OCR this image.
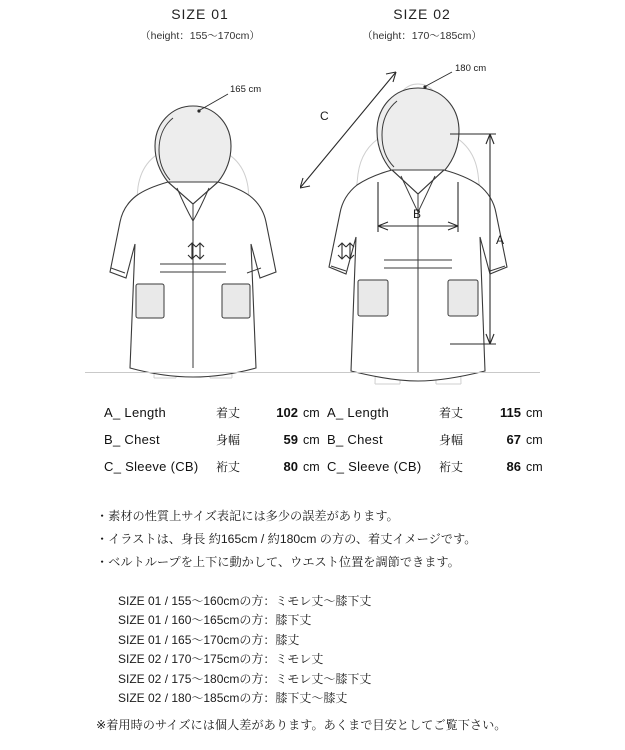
SIZE 01
（height：155〜170cm）
SIZE 02
（height：170〜185cm）
165 cm
180 cm
C
B
A
A_ Length	着丈	102 cm
B_ Chest	身幅	59 cm
C_ Sleeve (CB)	裄丈	80 cm
A_ Length	着丈	115 cm
B_ Chest	身幅	67 cm
C_ Sleeve (CB)	裄丈	86 cm
・素材の性質上サイズ表記には多少の誤差があります。
・イラストは、身長 約165cm / 約180cm の方の、着丈イメージです。
・ベルトループを上下に動かして、ウエスト位置を調節できます。
SIZE 01 / 155〜160cmの方：ミモレ丈〜膝下丈
SIZE 01 / 160〜165cmの方：膝下丈
SIZE 01 / 165〜170cmの方：膝丈
SIZE 02 / 170〜175cmの方：ミモレ丈
SIZE 02 / 175〜180cmの方：ミモレ丈〜膝下丈
SIZE 02 / 180〜185cmの方：膝下丈〜膝丈
※着用時のサイズには個人差があります。あくまで目安としてご覧下さい。
